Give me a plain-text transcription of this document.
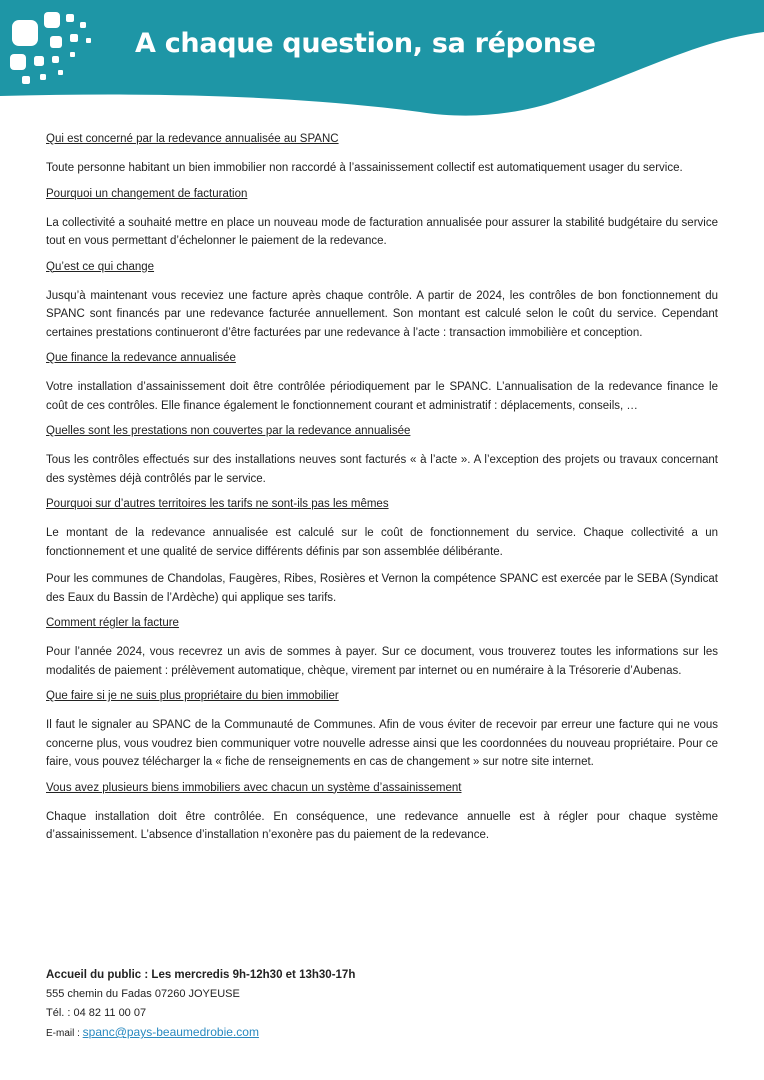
A chaque question, sa réponse

Qui est concerné par la redevance annualisée au SPANC

Toute personne habitant un bien immobilier non raccordé à l’assainissement collectif est automatiquement usager du service.

Pourquoi un changement de facturation

La collectivité a souhaité mettre en place un nouveau mode de facturation annualisée pour assurer la stabilité budgétaire du service tout en vous permettant d’échelonner le paiement de la redevance.

Qu’est ce qui change

Jusqu’à maintenant vous receviez une facture après chaque contrôle. A partir de 2024, les contrôles de bon fonctionnement du SPANC sont financés par une redevance facturée annuellement. Son montant est calculé selon le coût du service. Cependant certaines prestations continueront d’être facturées par une redevance à l’acte : transaction immobilière et conception.

Que finance la redevance annualisée

Votre installation d’assainissement doit être contrôlée périodiquement par le SPANC. L’annualisation de la redevance finance le coût de ces contrôles. Elle finance également le fonctionnement courant et administratif : déplacements, conseils, …

Quelles sont les prestations non couvertes par la redevance annualisée

Tous les contrôles effectués sur des installations neuves sont facturés « à l’acte ». A l’exception des projets ou travaux concernant des systèmes déjà contrôlés par le service.

Pourquoi sur d’autres territoires les tarifs ne sont-ils pas les mêmes

Le montant de la redevance annualisée est calculé sur le coût de fonctionnement du service. Chaque collectivité a un fonctionnement et une qualité de service différents définis par son assemblée délibérante.

Pour les communes de Chandolas, Faugères, Ribes, Rosières et Vernon la compétence SPANC est exercée par le SEBA (Syndicat des Eaux du Bassin de l’Ardèche) qui applique ses tarifs.

Comment régler la facture

Pour l’année 2024, vous recevrez un avis de sommes à payer. Sur ce document, vous trouverez toutes les informations sur les modalités de paiement : prélèvement automatique, chèque, virement par internet ou en numéraire à la Trésorerie d’Aubenas.

Que faire si je ne suis plus propriétaire du bien immobilier

Il faut le signaler au SPANC de la Communauté de Communes. Afin de vous éviter de recevoir par erreur une facture qui ne vous concerne plus, vous voudrez bien communiquer votre nouvelle adresse ainsi que les coordonnées du nouveau propriétaire. Pour ce faire, vous pouvez télécharger la « fiche de renseignements en cas de changement » sur notre site internet.

Vous avez plusieurs biens immobiliers avec chacun un système d’assainissement

Chaque installation doit être contrôlée. En conséquence, une redevance annuelle est à régler pour chaque système d’assainissement. L’absence d’installation n’exonère pas du paiement de la redevance.

Accueil du public : Les mercredis 9h-12h30 et 13h30-17h
555 chemin du Fadas 07260 JOYEUSE
Tél. : 04 82 11 00 07
E-mail : spanc@pays-beaumedrobie.com
